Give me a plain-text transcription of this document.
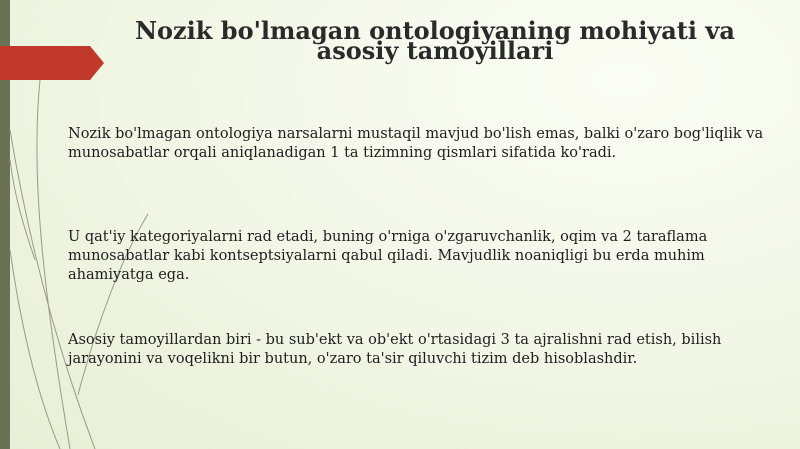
Nozik bo'lmagan ontologiyaning mohiyati va asosiy tamoyillari

Nozik bo'lmagan ontologiya narsalarni mustaqil mavjud bo'lish emas, balki o'zaro bog'liqlik va munosabatlar orqali aniqlanadigan 1 ta tizimning qismlari sifatida ko'radi.

U qat'iy kategoriyalarni rad etadi, buning o'rniga o'zgaruvchanlik, oqim va 2 taraflama munosabatlar kabi kontseptsiyalarni qabul qiladi. Mavjudlik noaniqligi bu erda muhim ahamiyatga ega.

Asosiy tamoyillardan biri - bu sub'ekt va ob'ekt o'rtasidagi 3 ta ajralishni rad etish, bilish jarayonini va voqelikni bir butun, o'zaro ta'sir qiluvchi tizim deb hisoblashdir.
